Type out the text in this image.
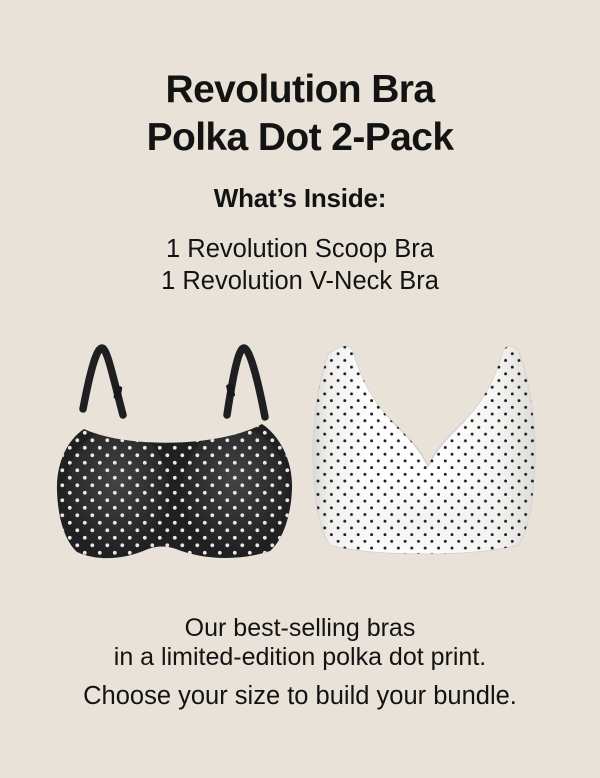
Revolution Bra
Polka Dot 2-Pack
What’s Inside:
1 Revolution Scoop Bra
1 Revolution V-Neck Bra
Our best-selling bras
in a limited-edition polka dot print.
Choose your size to build your bundle.
